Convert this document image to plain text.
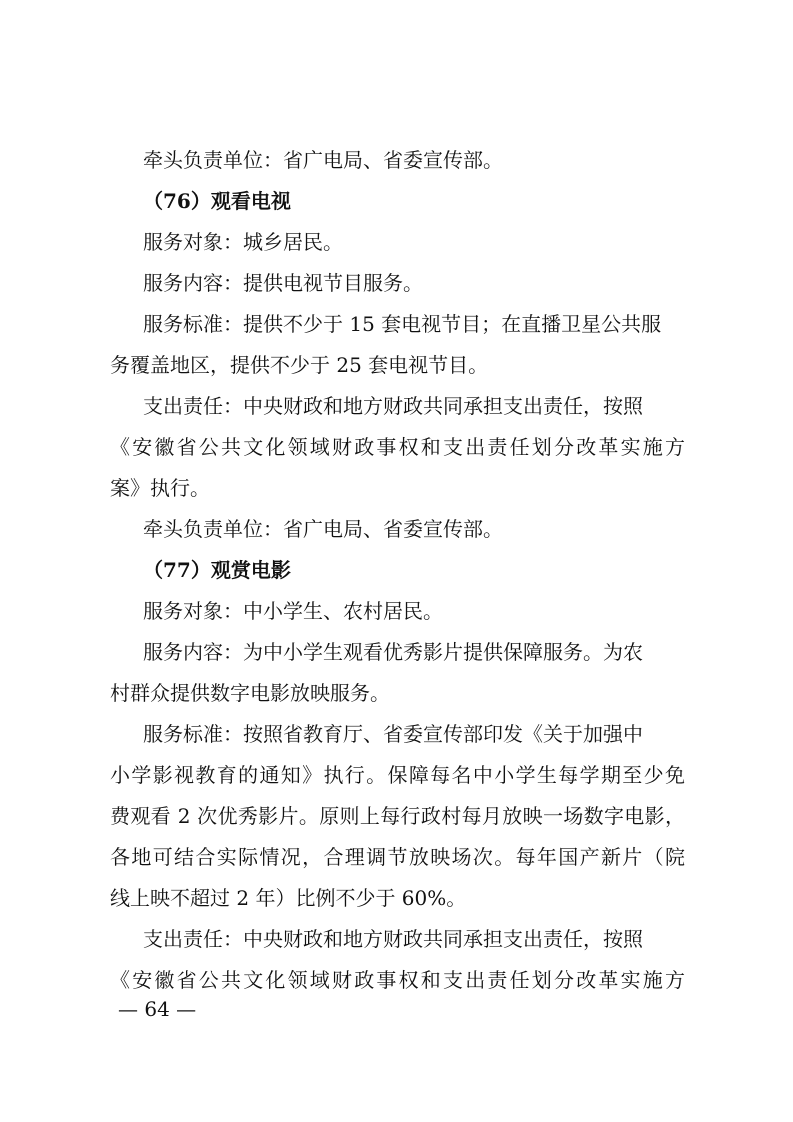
牵头负责单位：省广电局、省委宣传部。
（76）观看电视
服务对象：城乡居民。
服务内容：提供电视节目服务。
服务标准：提供不少于 15 套电视节目；在直播卫星公共服
务覆盖地区，提供不少于 25 套电视节目。
支出责任：中央财政和地方财政共同承担支出责任，按照
《安徽省公共文化领域财政事权和支出责任划分改革实施方
案》执行。
牵头负责单位：省广电局、省委宣传部。
（77）观赏电影
服务对象：中小学生、农村居民。
服务内容：为中小学生观看优秀影片提供保障服务。为农
村群众提供数字电影放映服务。
服务标准：按照省教育厅、省委宣传部印发《关于加强中
小学影视教育的通知》执行。保障每名中小学生每学期至少免
费观看 2 次优秀影片。原则上每行政村每月放映一场数字电影，
各地可结合实际情况，合理调节放映场次。每年国产新片（院
线上映不超过 2 年）比例不少于 60%。
支出责任：中央财政和地方财政共同承担支出责任，按照
《安徽省公共文化领域财政事权和支出责任划分改革实施方
— 64 —
